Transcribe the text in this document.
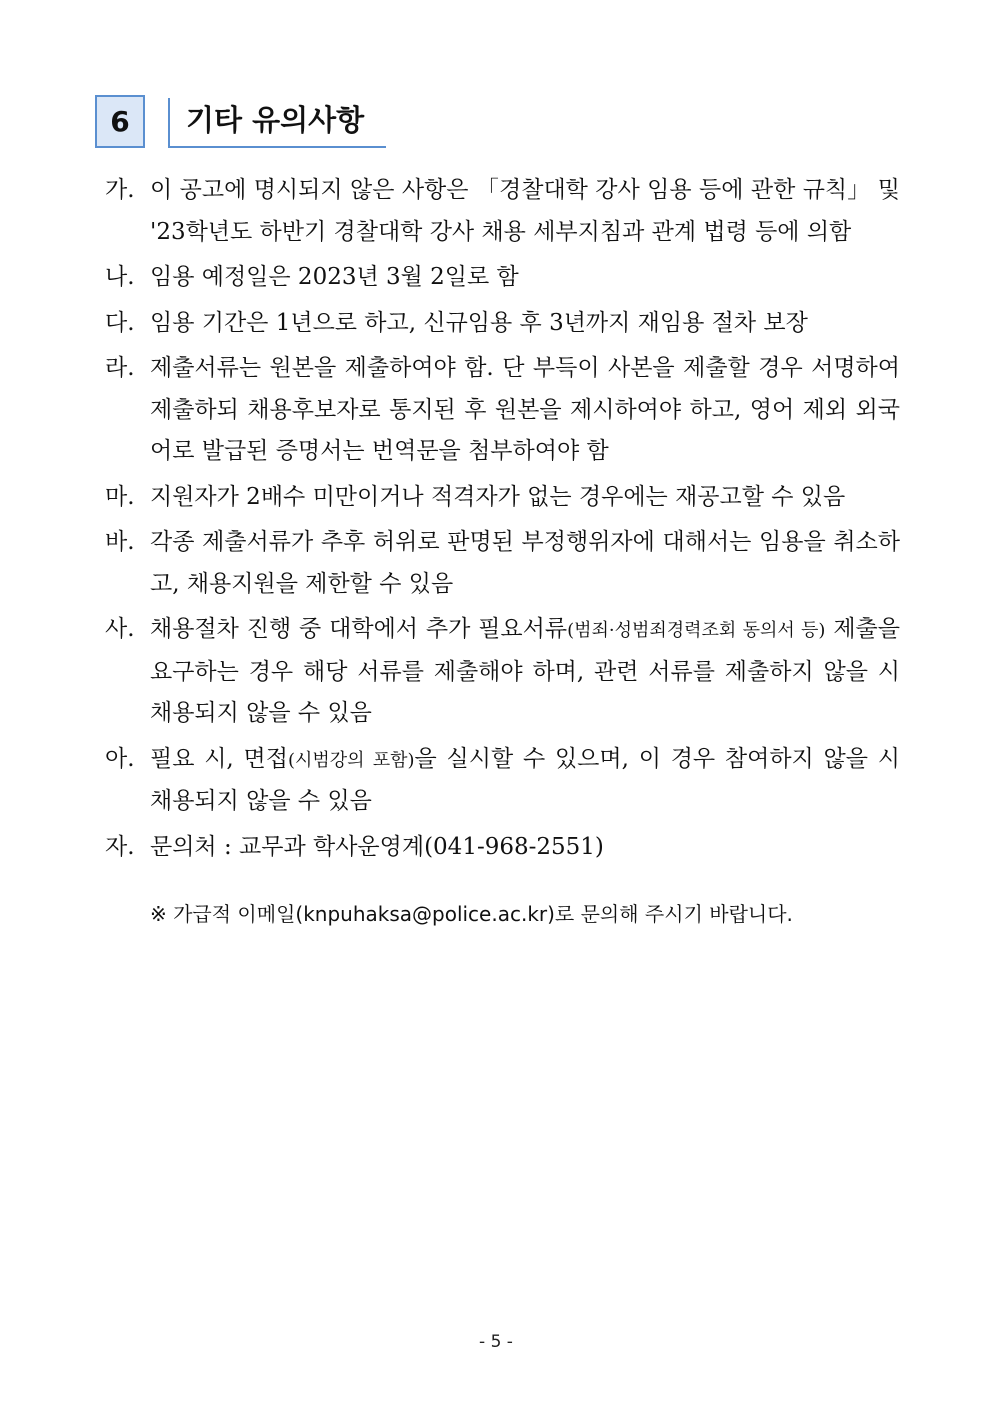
6	기타 유의사항
가. 이 공고에 명시되지 않은 사항은 「경찰대학 강사 임용 등에 관한 규칙」 및 '23학년도 하반기 경찰대학 강사 채용 세부지침과 관계 법령 등에 의함
나. 임용 예정일은 2023년 3월 2일로 함
다. 임용 기간은 1년으로 하고, 신규임용 후 3년까지 재임용 절차 보장
라. 제출서류는 원본을 제출하여야 함. 단 부득이 사본을 제출할 경우 서명하여 제출하되 채용후보자로 통지된 후 원본을 제시하여야 하고, 영어 제외 외국어로 발급된 증명서는 번역문을 첨부하여야 함
마. 지원자가 2배수 미만이거나 적격자가 없는 경우에는 재공고할 수 있음
바. 각종 제출서류가 추후 허위로 판명된 부정행위자에 대해서는 임용을 취소하고, 채용지원을 제한할 수 있음
사. 채용절차 진행 중 대학에서 추가 필요서류(범죄·성범죄경력조회 동의서 등) 제출을 요구하는 경우 해당 서류를 제출해야 하며, 관련 서류를 제출하지 않을 시 채용되지 않을 수 있음
아. 필요 시, 면접(시범강의 포함)을 실시할 수 있으며, 이 경우 참여하지 않을 시 채용되지 않을 수 있음
자. 문의처 : 교무과 학사운영계(041-968-2551)
※ 가급적 이메일(knpuhaksa@police.ac.kr)로 문의해 주시기 바랍니다.
- 5 -
